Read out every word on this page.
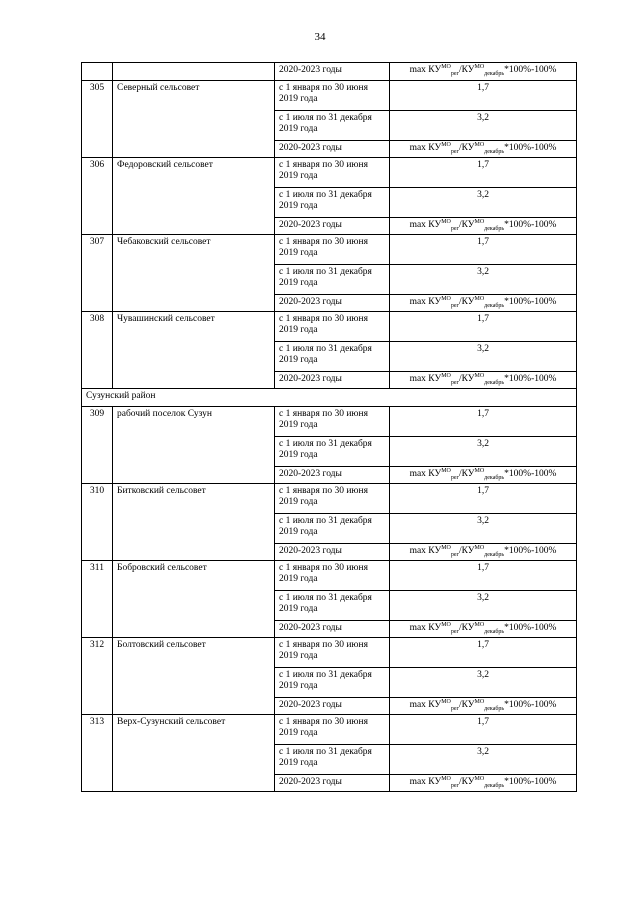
34
		2020-2023 годы	$\max КУ^{МО}_{рег}/КУ^{МО}_{декабрь}*100\%-100\%$
305	Северный сельсовет	с 1 января по 30 июня 2019 года	1,7
		с 1 июля по 31 декабря 2019 года	3,2
		2020-2023 годы	$\max КУ^{МО}_{рег}/КУ^{МО}_{декабрь}*100\%-100\%$
306	Федоровский сельсовет	с 1 января по 30 июня 2019 года	1,7
		с 1 июля по 31 декабря 2019 года	3,2
		2020-2023 годы	$\max КУ^{МО}_{рег}/КУ^{МО}_{декабрь}*100\%-100\%$
307	Чебаковский сельсовет	с 1 января по 30 июня 2019 года	1,7
		с 1 июля по 31 декабря 2019 года	3,2
		2020-2023 годы	$\max КУ^{МО}_{рег}/КУ^{МО}_{декабрь}*100\%-100\%$
308	Чувашинский сельсовет	с 1 января по 30 июня 2019 года	1,7
		с 1 июля по 31 декабря 2019 года	3,2
		2020-2023 годы	$\max КУ^{МО}_{рег}/КУ^{МО}_{декабрь}*100\%-100\%$
Сузунский район			
309	рабочий поселок Сузун	с 1 января по 30 июня 2019 года	1,7
		с 1 июля по 31 декабря 2019 года	3,2
		2020-2023 годы	$\max КУ^{МО}_{рег}/КУ^{МО}_{декабрь}*100\%-100\%$
310	Битковский сельсовет	с 1 января по 30 июня 2019 года	1,7
		с 1 июля по 31 декабря 2019 года	3,2
		2020-2023 годы	$\max КУ^{МО}_{рег}/КУ^{МО}_{декабрь}*100\%-100\%$
311	Бобровский сельсовет	с 1 января по 30 июня 2019 года	1,7
		с 1 июля по 31 декабря 2019 года	3,2
		2020-2023 годы	$\max КУ^{МО}_{рег}/КУ^{МО}_{декабрь}*100\%-100\%$
312	Болтовский сельсовет	с 1 января по 30 июня 2019 года	1,7
		с 1 июля по 31 декабря 2019 года	3,2
		2020-2023 годы	$\max КУ^{МО}_{рег}/КУ^{МО}_{декабрь}*100\%-100\%$
313	Верх-Сузунский сельсовет	с 1 января по 30 июня 2019 года	1,7
		с 1 июля по 31 декабря 2019 года	3,2
		2020-2023 годы	$\max КУ^{МО}_{рег}/КУ^{МО}_{декабрь}*100\%-100\%$
